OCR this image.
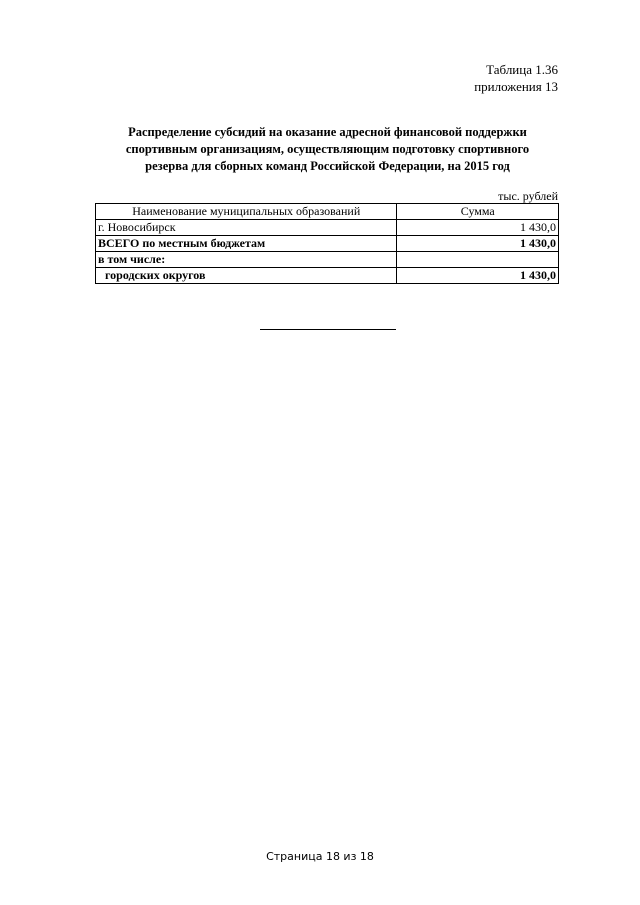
Таблица 1.36
приложения 13
Распределение субсидий на оказание адресной финансовой поддержки
спортивным организациям, осуществляющим подготовку спортивного
резерва для сборных команд Российской Федерации, на 2015 год
тыс. рублей
Наименование муниципальных образований	Сумма
г. Новосибирск	1 430,0
ВСЕГО по местным бюджетам	1 430,0
в том числе:	
городских округов	1 430,0
Страница 18 из 18
